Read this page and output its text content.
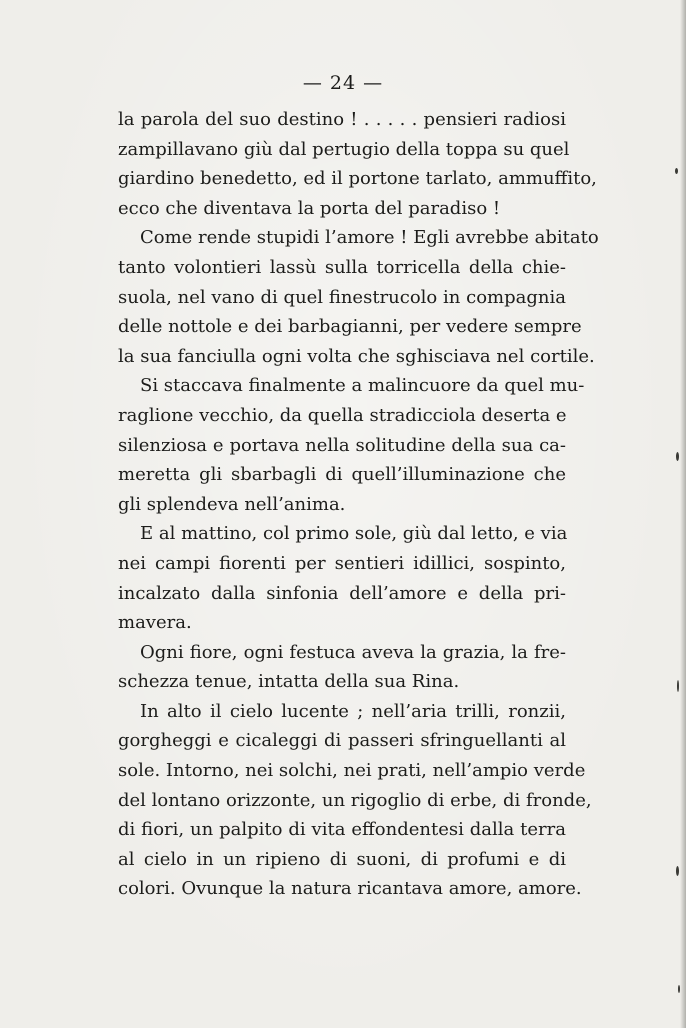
— 24 —
la parola del suo destino ! . . . . . pensieri radiosi
zampillavano giù dal pertugio della toppa su quel
giardino benedetto, ed il portone tarlato, ammuffito,
ecco che diventava la porta del paradiso !
Come rende stupidi l’amore ! Egli avrebbe abitato
tanto volontieri lassù sulla torricella della chie-
suola, nel vano di quel finestrucolo in compagnia
delle nottole e dei barbagianni, per vedere sempre
la sua fanciulla ogni volta che sghisciava nel cortile.
Si staccava finalmente a malincuore da quel mu-
raglione vecchio, da quella stradicciola deserta e
silenziosa e portava nella solitudine della sua ca-
meretta gli sbarbagli di quell’illuminazione che
gli splendeva nell’anima.
E al mattino, col primo sole, giù dal letto, e via
nei campi fiorenti per sentieri idillici, sospinto,
incalzato dalla sinfonia dell’amore e della pri-
mavera.
Ogni fiore, ogni festuca aveva la grazia, la fre-
schezza tenue, intatta della sua Rina.
In alto il cielo lucente ; nell’aria trilli, ronzii,
gorgheggi e cicaleggi di passeri sfringuellanti al
sole. Intorno, nei solchi, nei prati, nell’ampio verde
del lontano orizzonte, un rigoglio di erbe, di fronde,
di fiori, un palpito di vita effondentesi dalla terra
al cielo in un ripieno di suoni, di profumi e di
colori. Ovunque la natura ricantava amore, amore.
